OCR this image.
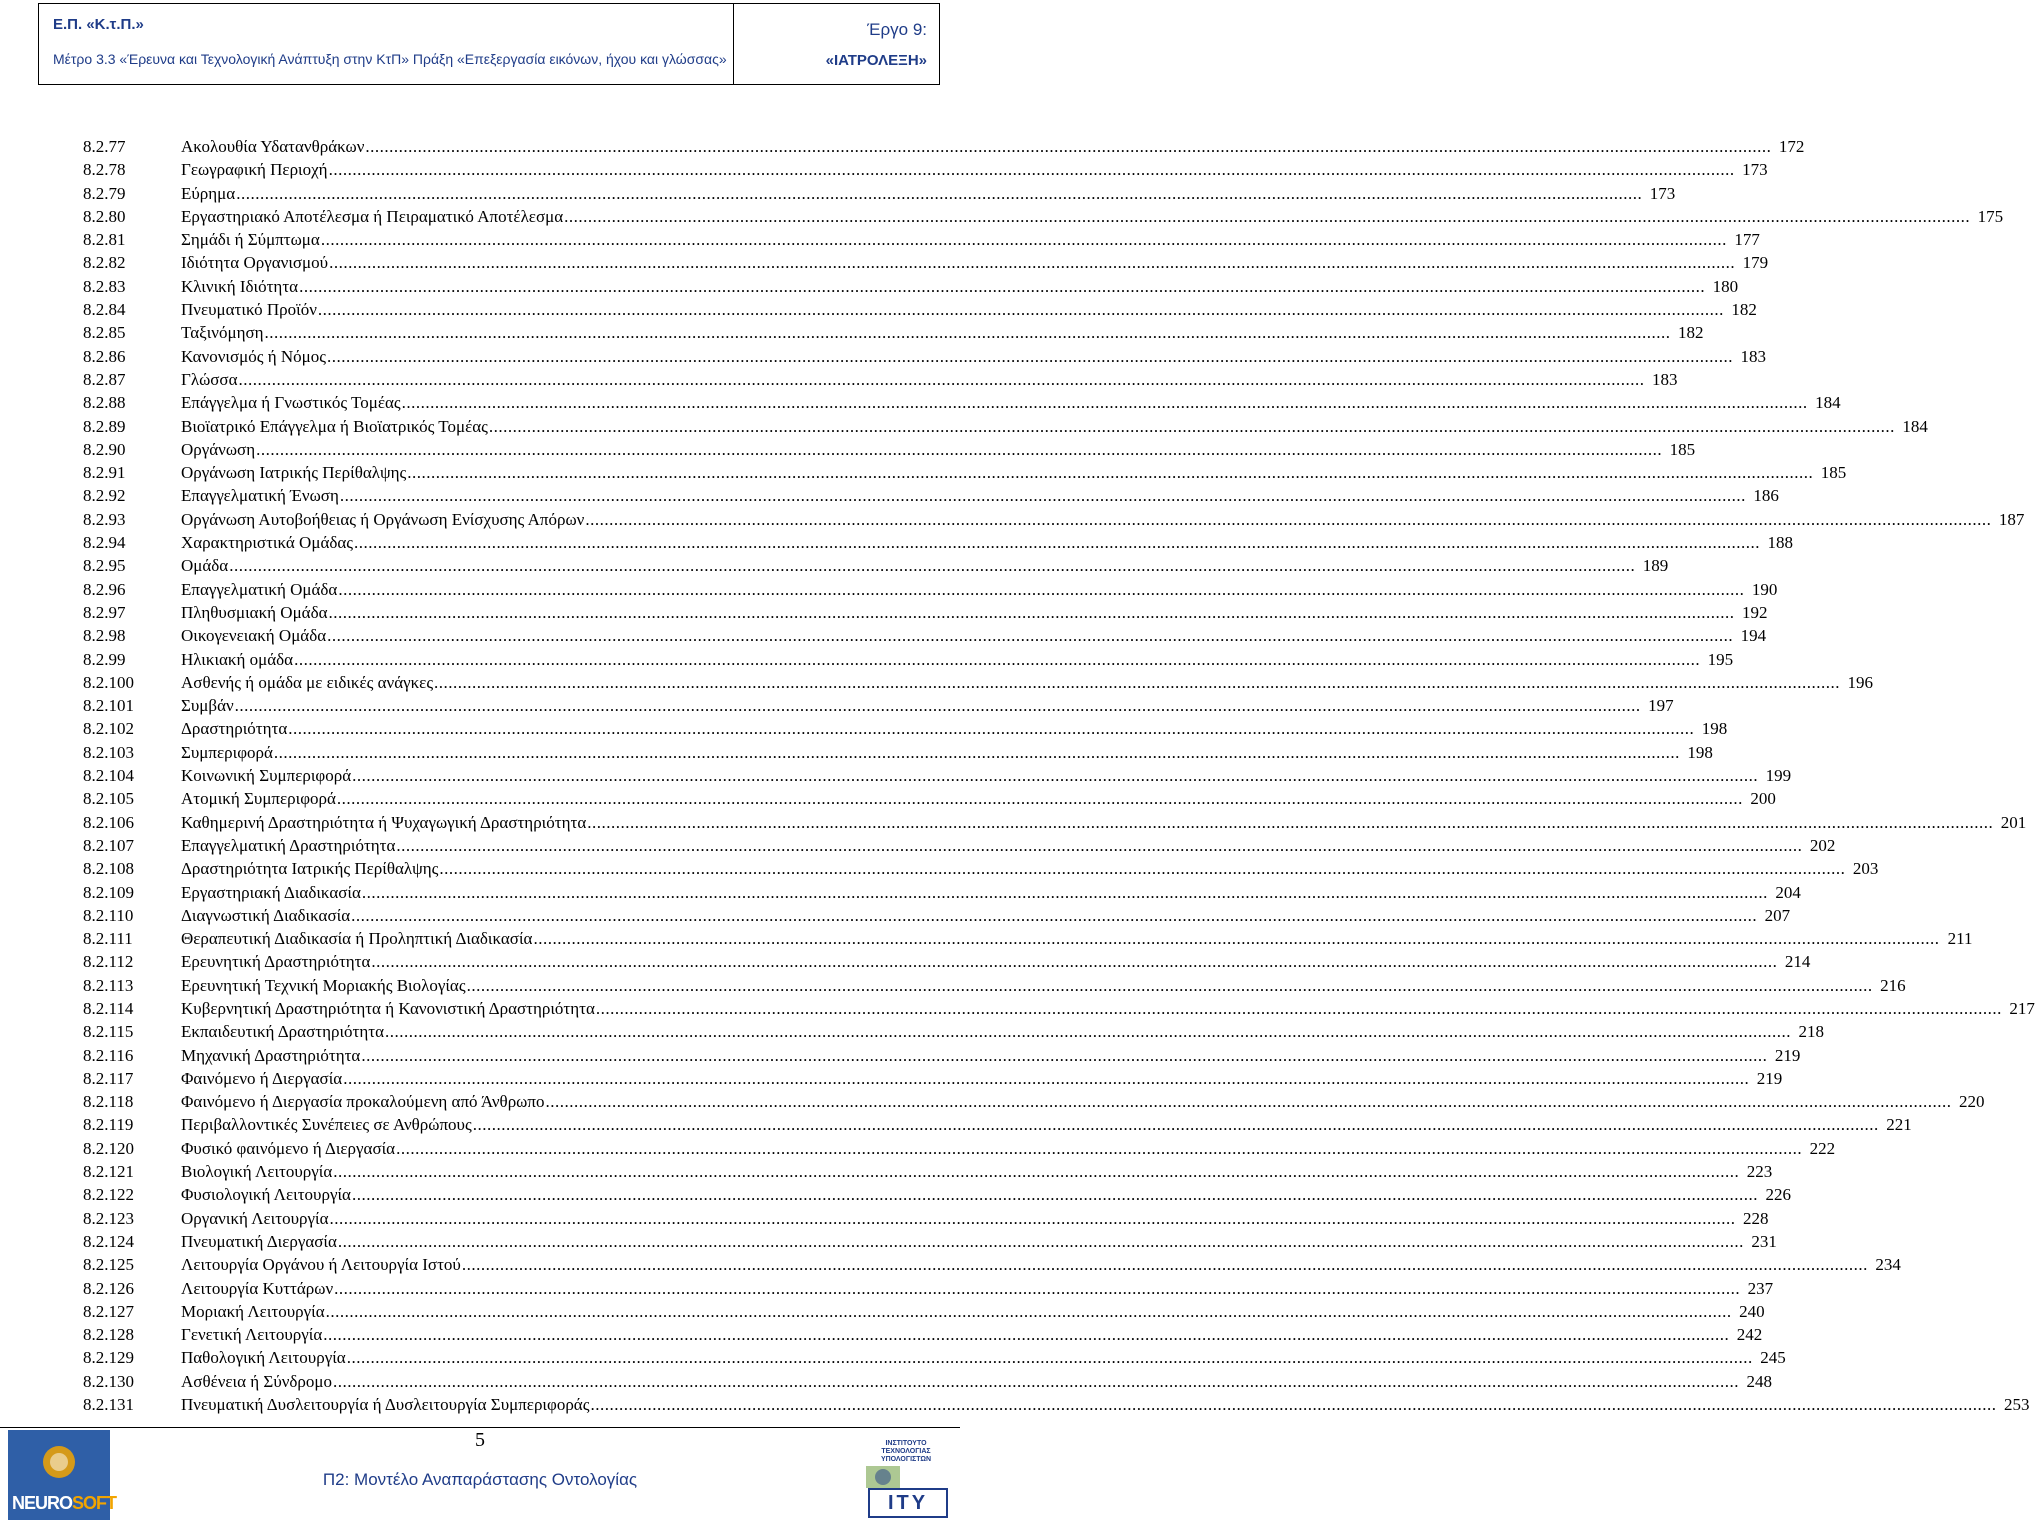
Ε.Π. «Κ.τ.Π.»
Μέτρο 3.3 «Έρευνα και Τεχνολογική Ανάπτυξη στην ΚτΠ» Πράξη «Επεξεργασία εικόνων, ήχου και γλώσσας»
Έργο 9:
«ΙΑΤΡΟΛΕΞΗ»
8.2.77	Ακολουθία Υδατανθράκων .....	172
8.2.78	Γεωγραφική Περιοχή .....	173
8.2.79	Εύρημα .....	173
8.2.80	Εργαστηριακό Αποτέλεσμα ή Πειραματικό Αποτέλεσμα .....	175
8.2.81	Σημάδι ή Σύμπτωμα .....	177
8.2.82	Ιδιότητα Οργανισμού .....	179
8.2.83	Κλινική Ιδιότητα .....	180
8.2.84	Πνευματικό Προϊόν .....	182
8.2.85	Ταξινόμηση .....	182
8.2.86	Κανονισμός ή Νόμος .....	183
8.2.87	Γλώσσα .....	183
8.2.88	Επάγγελμα ή Γνωστικός Τομέας .....	184
8.2.89	Βιοϊατρικό Επάγγελμα ή Βιοϊατρικός Τομέας .....	184
8.2.90	Οργάνωση .....	185
8.2.91	Οργάνωση Ιατρικής Περίθαλψης .....	185
8.2.92	Επαγγελματική Ένωση .....	186
8.2.93	Οργάνωση Αυτοβοήθειας ή Οργάνωση Ενίσχυσης Απόρων .....	187
8.2.94	Χαρακτηριστικά Ομάδας .....	188
8.2.95	Ομάδα .....	189
8.2.96	Επαγγελματική Ομάδα .....	190
8.2.97	Πληθυσμιακή Ομάδα .....	192
8.2.98	Οικογενειακή Ομάδα .....	194
8.2.99	Ηλικιακή ομάδα .....	195
8.2.100	Ασθενής ή ομάδα με ειδικές ανάγκες .....	196
8.2.101	Συμβάν .....	197
8.2.102	Δραστηριότητα .....	198
8.2.103	Συμπεριφορά .....	198
8.2.104	Κοινωνική Συμπεριφορά .....	199
8.2.105	Ατομική Συμπεριφορά .....	200
8.2.106	Καθημερινή Δραστηριότητα ή Ψυχαγωγική Δραστηριότητα .....	201
8.2.107	Επαγγελματική Δραστηριότητα .....	202
8.2.108	Δραστηριότητα Ιατρικής Περίθαλψης .....	203
8.2.109	Εργαστηριακή Διαδικασία .....	204
8.2.110	Διαγνωστική Διαδικασία .....	207
8.2.111	Θεραπευτική Διαδικασία ή Προληπτική Διαδικασία .....	211
8.2.112	Ερευνητική Δραστηριότητα .....	214
8.2.113	Ερευνητική Τεχνική Μοριακής Βιολογίας .....	216
8.2.114	Κυβερνητική Δραστηριότητα ή Κανονιστική Δραστηριότητα .....	217
8.2.115	Εκπαιδευτική Δραστηριότητα .....	218
8.2.116	Μηχανική Δραστηριότητα .....	219
8.2.117	Φαινόμενο ή Διεργασία .....	219
8.2.118	Φαινόμενο ή Διεργασία προκαλούμενη από Άνθρωπο .....	220
8.2.119	Περιβαλλοντικές Συνέπειες σε Ανθρώπους .....	221
8.2.120	Φυσικό φαινόμενο ή Διεργασία .....	222
8.2.121	Βιολογική Λειτουργία .....	223
8.2.122	Φυσιολογική Λειτουργία .....	226
8.2.123	Οργανική Λειτουργία .....	228
8.2.124	Πνευματική Διεργασία .....	231
8.2.125	Λειτουργία Οργάνου ή Λειτουργία Ιστού .....	234
8.2.126	Λειτουργία Κυττάρων .....	237
8.2.127	Μοριακή Λειτουργία .....	240
8.2.128	Γενετική Λειτουργία .....	242
8.2.129	Παθολογική Λειτουργία .....	245
8.2.130	Ασθένεια ή Σύνδρομο .....	248
8.2.131	Πνευματική Δυσλειτουργία ή Δυσλειτουργία Συμπεριφοράς .....	253
5
Π2: Μοντέλο Αναπαράστασης Οντολογίας
NEUROSOFT
ΙΝΣΤΙΤΟΥΤΟ ΤΕΧΝΟΛΟΓΙΑΣ ΥΠΟΛΟΓΙΣΤΩΝ
ΙΤΥ
